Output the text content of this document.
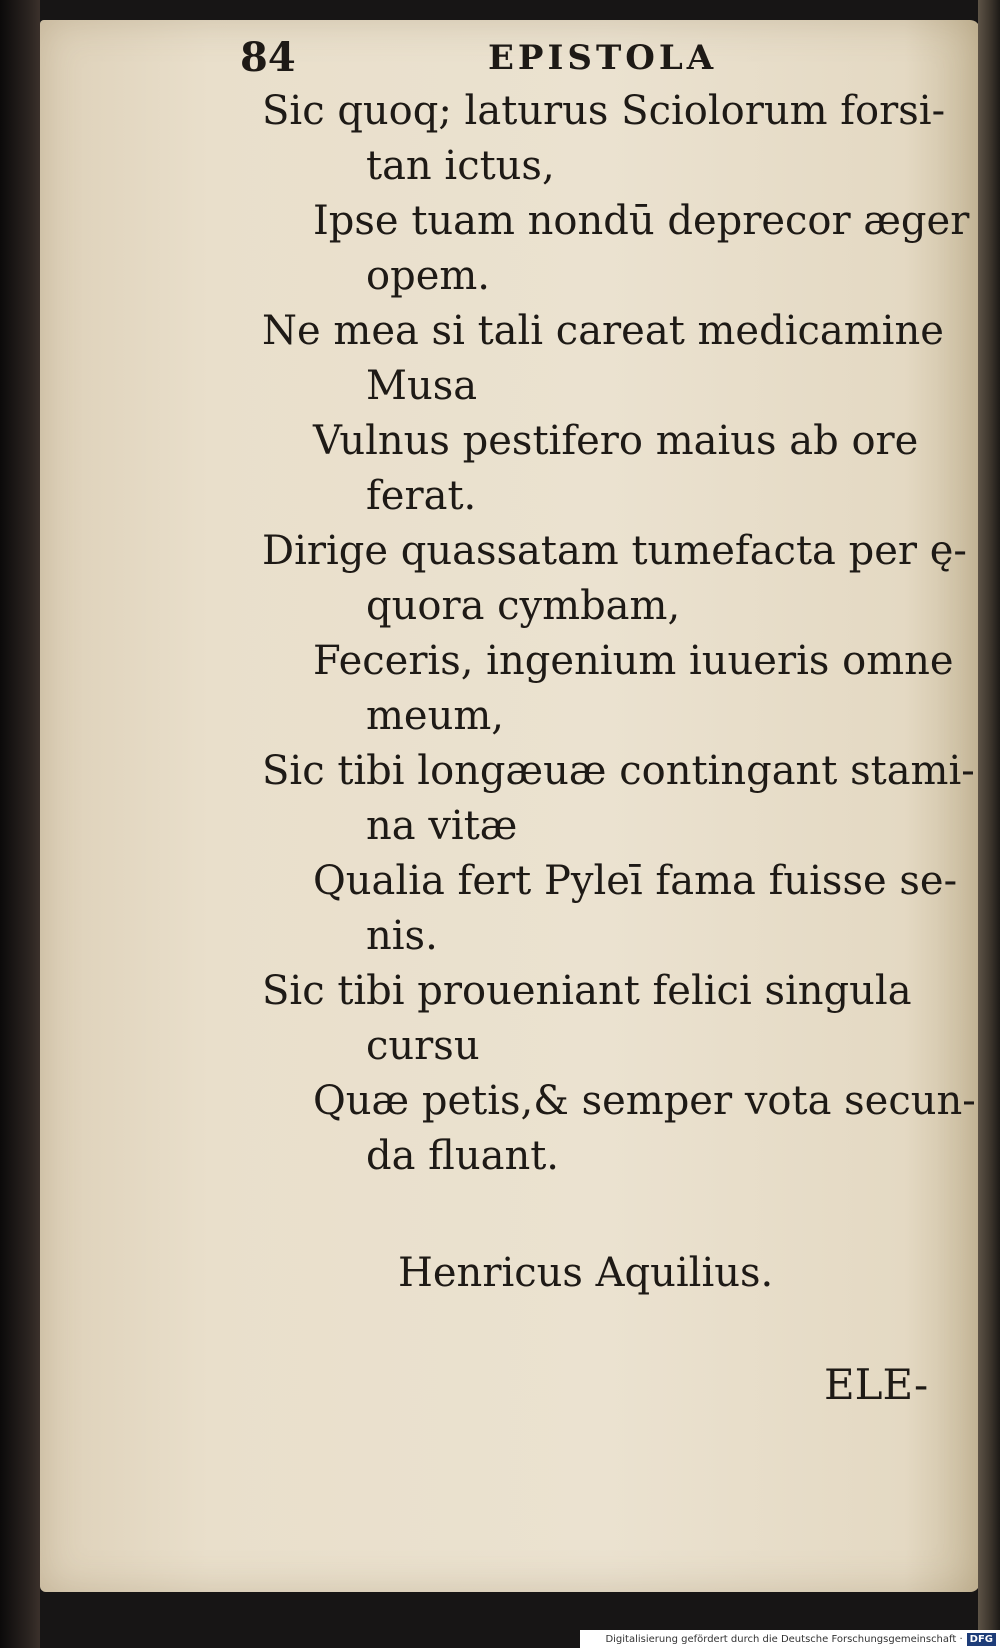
84	EPISTOLA
Sic quoq; laturus Sciolorum forsi-
tan ictus,
Ipse tuam nondū deprecor æger
opem.
Ne mea si tali careat medicamine
Musa
Vulnus pestifero maius ab ore
ferat.
Dirige quassatam tumefacta per ę-
quora cymbam,
Feceris, ingenium iuueris omne
meum,
Sic tibi longæuæ contingant stami-
na vitæ
Qualia fert Pyleī fama fuisse se-
nis.
Sic tibi proueniant felici singula
cursu
Quæ petis,& semper vota secun-
da fluant.
Henricus Aquilius.
ELE-
Digitalisierung gefördert durch die Deutsche Forschungsgemeinschaft · DFG
